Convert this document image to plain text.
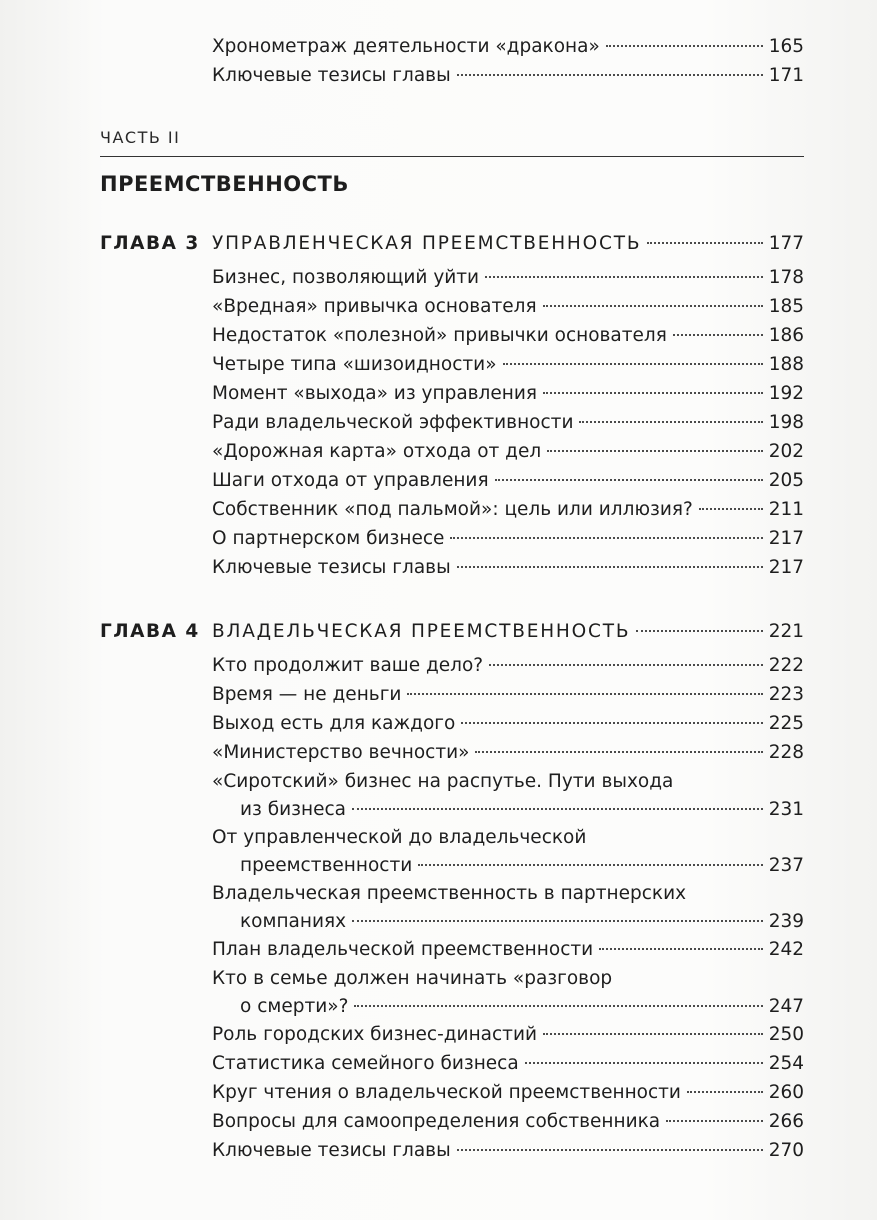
Хронометраж деятельности «дракона»	165
Ключевые тезисы главы	171
ЧАСТЬ II
ПРЕЕМСТВЕННОСТЬ
ГЛАВА 3 УПРАВЛЕНЧЕСКАЯ ПРЕЕМСТВЕННОСТЬ	177
Бизнес, позволяющий уйти	178
«Вредная» привычка основателя	185
Недостаток «полезной» привычки основателя	186
Четыре типа «шизоидности»	188
Момент «выхода» из управления	192
Ради владельческой эффективности	198
«Дорожная карта» отхода от дел	202
Шаги отхода от управления	205
Собственник «под пальмой»: цель или иллюзия?	211
О партнерском бизнесе	217
Ключевые тезисы главы	217
ГЛАВА 4 ВЛАДЕЛЬЧЕСКАЯ ПРЕЕМСТВЕННОСТЬ	221
Кто продолжит ваше дело?	222
Время — не деньги	223
Выход есть для каждого	225
«Министерство вечности»	228
«Сиротский» бизнес на распутье. Пути выхода
из бизнеса	231
От управленческой до владельческой
преемственности	237
Владельческая преемственность в партнерских
компаниях	239
План владельческой преемственности	242
Кто в семье должен начинать «разговор
о смерти»?	247
Роль городских бизнес-династий	250
Статистика семейного бизнеса	254
Круг чтения о владельческой преемственности	260
Вопросы для самоопределения собственника	266
Ключевые тезисы главы	270
